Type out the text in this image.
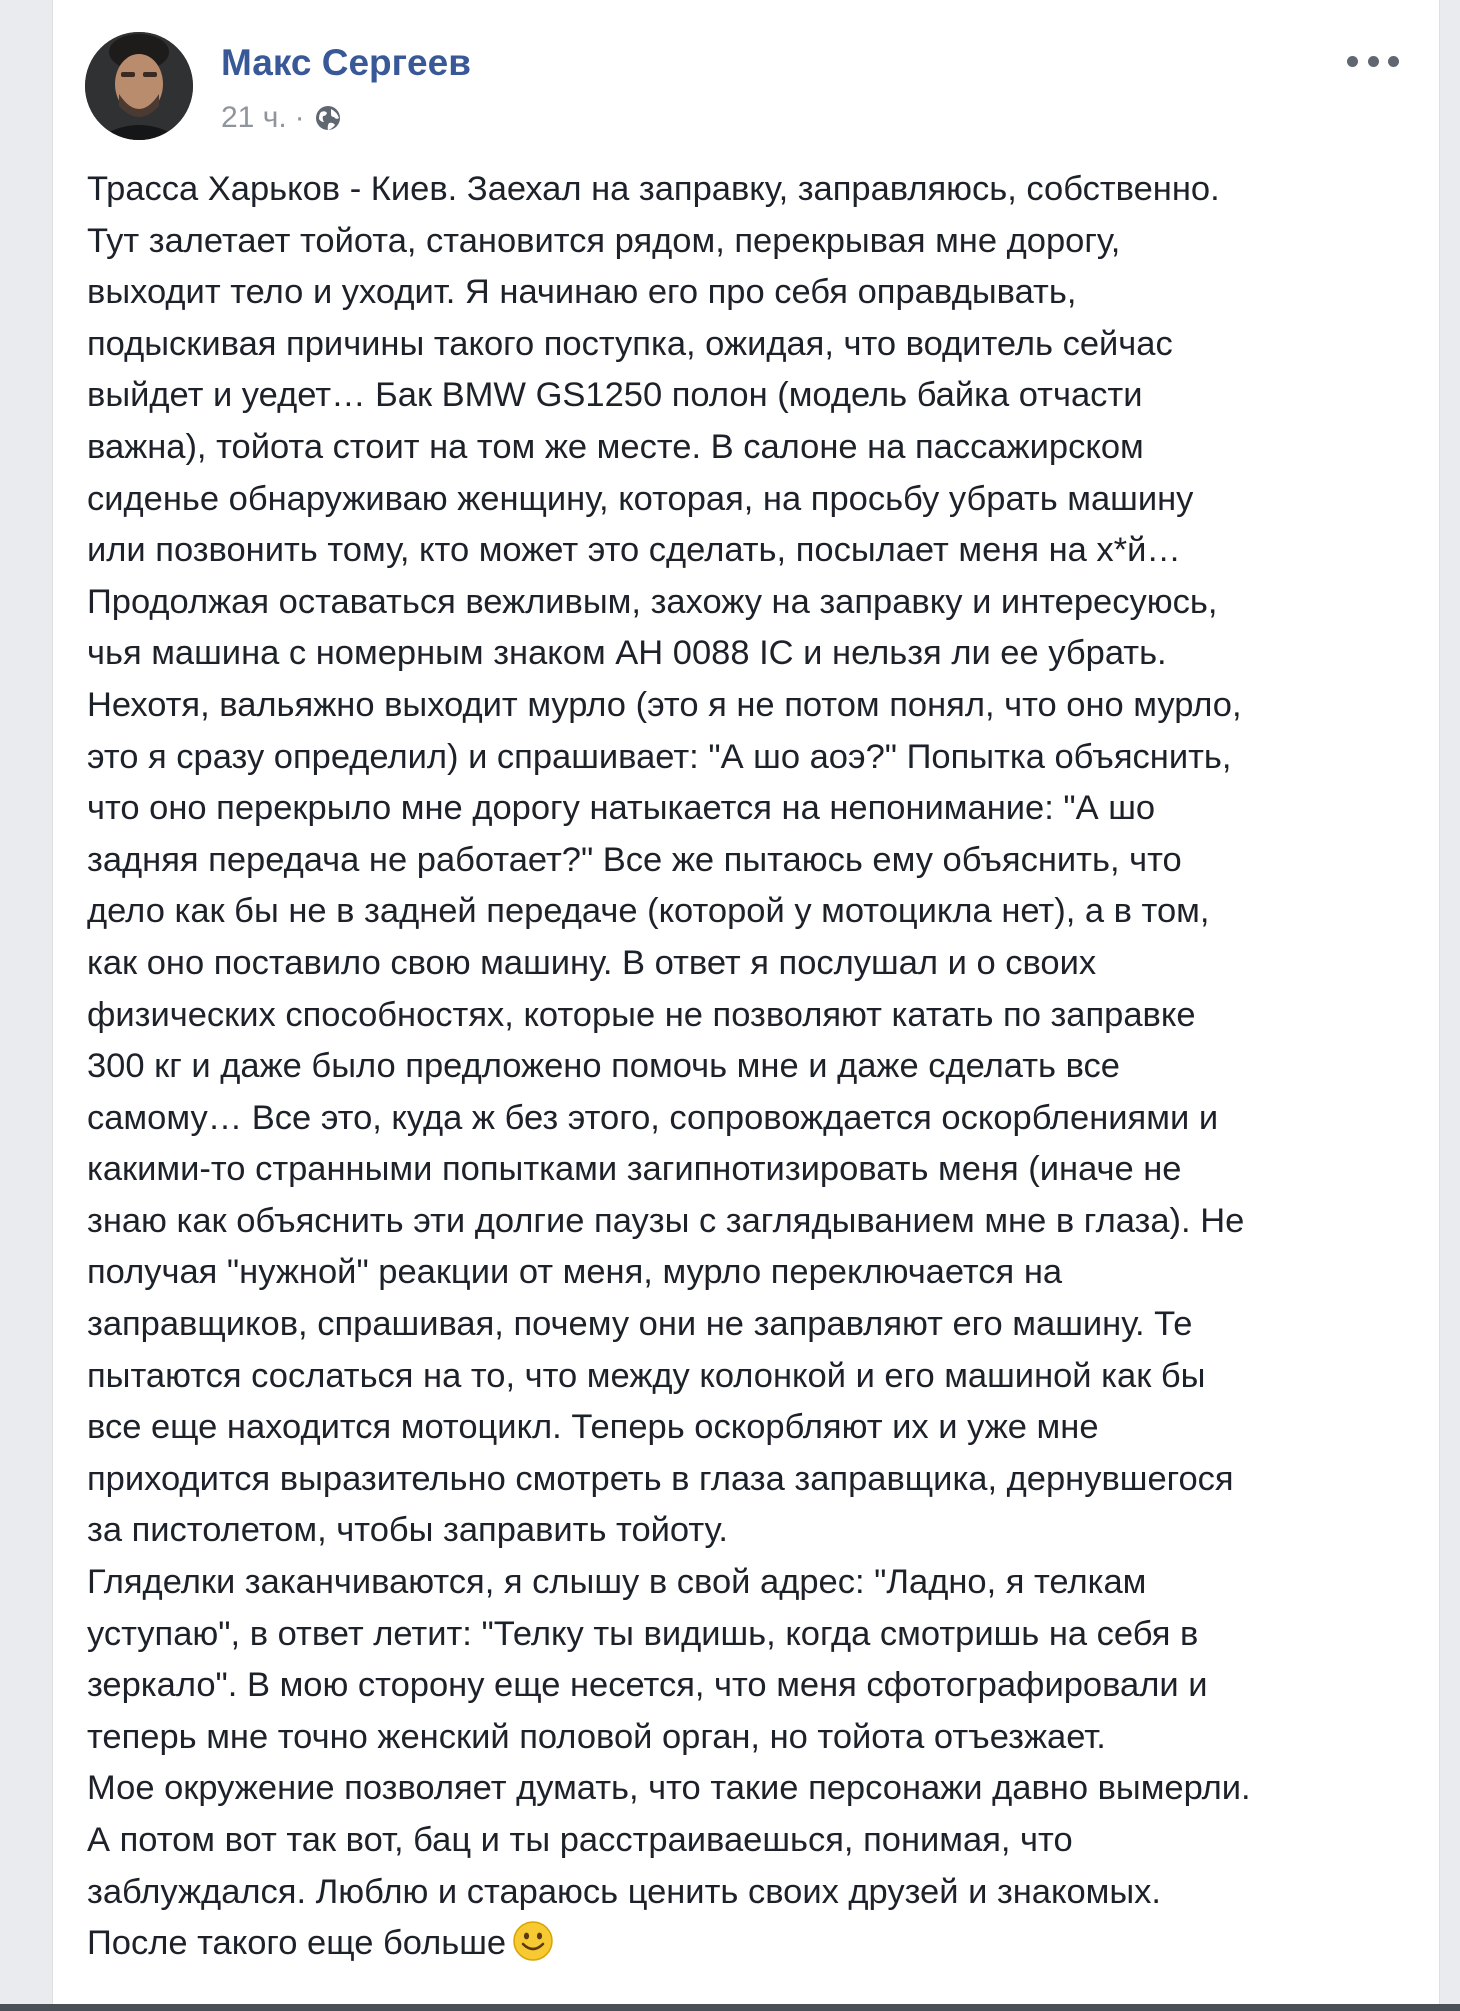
Макс Сергеев
21 ч. ·
Трасса Харьков - Киев. Заехал на заправку, заправляюсь, собственно.
Тут залетает тойота, становится рядом, перекрывая мне дорогу,
выходит тело и уходит. Я начинаю его про себя оправдывать,
подыскивая причины такого поступка, ожидая, что водитель сейчас
выйдет и уедет… Бак BMW GS1250 полон (модель байка отчасти
важна), тойота стоит на том же месте. В салоне на пассажирском
сиденье обнаруживаю женщину, которая, на просьбу убрать машину
или позвонить тому, кто может это сделать, посылает меня на х*й…
Продолжая оставаться вежливым, захожу на заправку и интересуюсь,
чья машина с номерным знаком АН 0088 IC и нельзя ли ее убрать.
Нехотя, вальяжно выходит мурло (это я не потом понял, что оно мурло,
это я сразу определил) и спрашивает: "А шо аоэ?" Попытка объяснить,
что оно перекрыло мне дорогу натыкается на непонимание: "А шо
задняя передача не работает?" Все же пытаюсь ему объяснить, что
дело как бы не в задней передаче (которой у мотоцикла нет), а в том,
как оно поставило свою машину. В ответ я послушал и о своих
физических способностях, которые не позволяют катать по заправке
300 кг и даже было предложено помочь мне и даже сделать все
самому… Все это, куда ж без этого, сопровождается оскорблениями и
какими-то странными попытками загипнотизировать меня (иначе не
знаю как объяснить эти долгие паузы с заглядыванием мне в глаза). Не
получая "нужной" реакции от меня, мурло переключается на
заправщиков, спрашивая, почему они не заправляют его машину. Те
пытаются сослаться на то, что между колонкой и его машиной как бы
все еще находится мотоцикл. Теперь оскорбляют их и уже мне
приходится выразительно смотреть в глаза заправщика, дернувшегося
за пистолетом, чтобы заправить тойоту.
Гляделки заканчиваются, я слышу в свой адрес: "Ладно, я телкам
уступаю", в ответ летит: "Телку ты видишь, когда смотришь на себя в
зеркало". В мою сторону еще несется, что меня сфотографировали и
теперь мне точно женский половой орган, но тойота отъезжает.
Мое окружение позволяет думать, что такие персонажи давно вымерли.
А потом вот так вот, бац и ты расстраиваешься, понимая, что
заблуждался. Люблю и стараюсь ценить своих друзей и знакомых.
После такого еще больше
